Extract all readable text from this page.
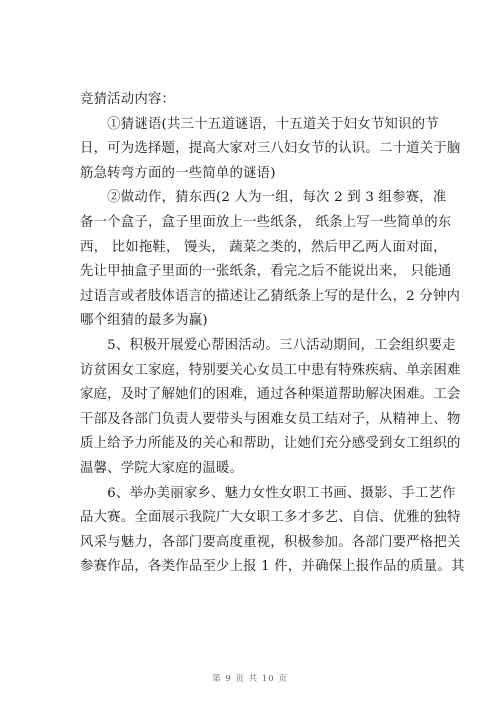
竞猜活动内容：

　　①猜谜语(共三十五道谜语，十五道关于妇女节知识的节
日，可为选择题，提高大家对三八妇女节的认识。二十道关于脑
筋急转弯方面的一些简单的谜语)

　　②做动作，猜东西(2 人为一组，每次 2 到 3 组参赛，准
备一个盒子，盒子里面放上一些纸条， 纸条上写一些简单的东
西， 比如拖鞋， 馒头， 蔬菜之类的，然后甲乙两人面对面，
先让甲抽盒子里面的一张纸条，看完之后不能说出来， 只能通
过语言或者肢体语言的描述让乙猜纸条上写的是什么，2 分钟内
哪个组猜的最多为赢)

　　5、积极开展爱心帮困活动。三八活动期间，工会组织要走
访贫困女工家庭，特别要关心女员工中患有特殊疾病、单亲困难
家庭，及时了解她们的困难，通过各种渠道帮助解决困难。工会
干部及各部门负责人要带头与困难女员工结对子，从精神上、物
质上给予力所能及的关心和帮助，让她们充分感受到女工组织的
温馨、学院大家庭的温暖。

　　6、举办美丽家乡、魅力女性女职工书画、摄影、手工艺作
品大赛。全面展示我院广大女职工多才多艺、自信、优雅的独特
风采与魅力，各部门要高度重视，积极参加。各部门要严格把关
参赛作品，各类作品至少上报 1 件，并确保上报作品的质量。其

第 9 页 共 10 页
